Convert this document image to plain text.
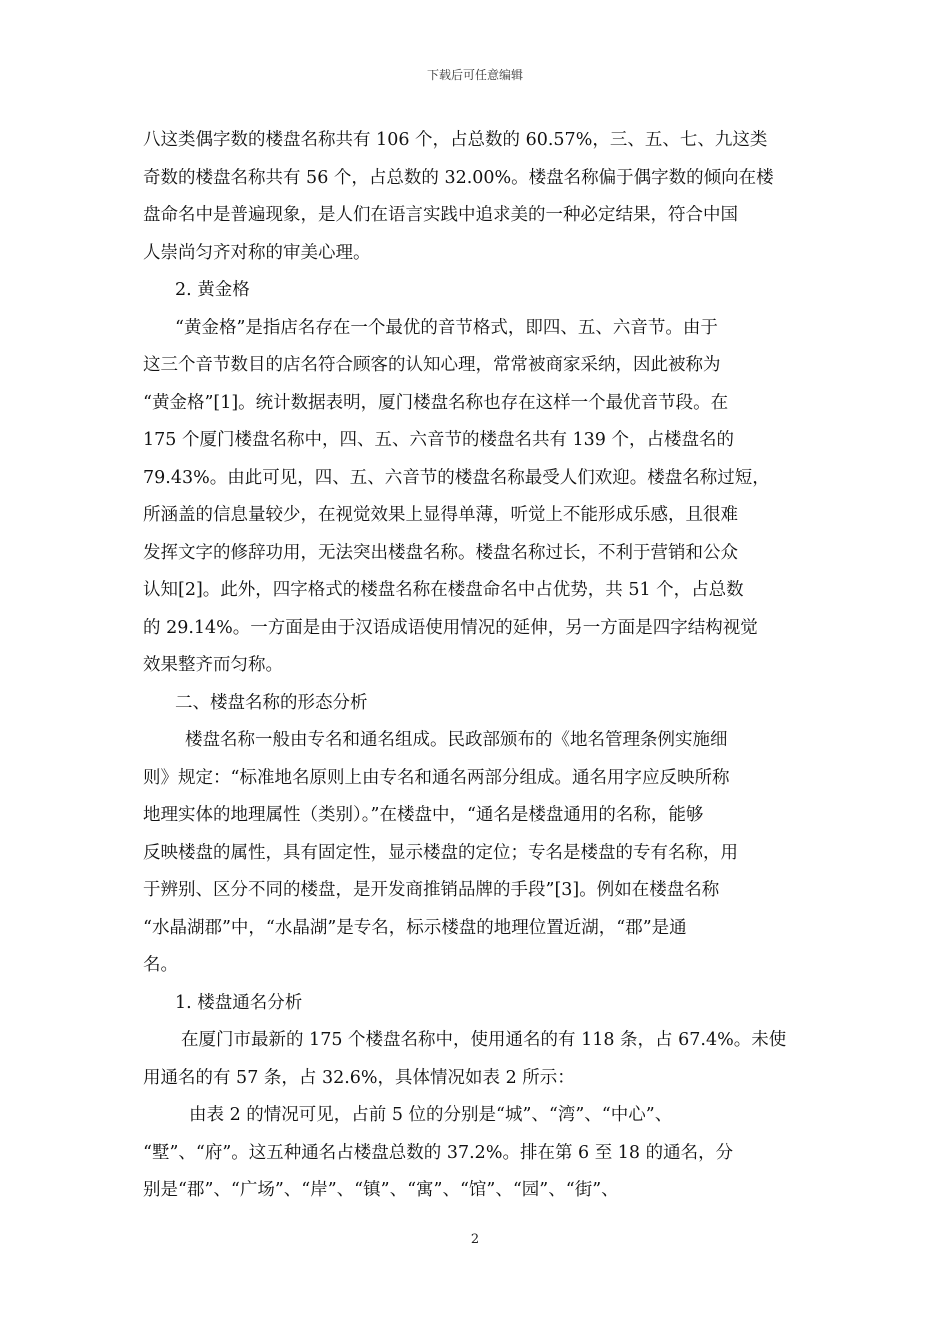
下载后可任意编辑
八这类偶字数的楼盘名称共有 106 个，占总数的 60.57%，三、五、七、九这类
奇数的楼盘名称共有 56 个，占总数的 32.00%。楼盘名称偏于偶字数的倾向在楼
盘命名中是普遍现象，是人们在语言实践中追求美的一种必定结果，符合中国
人崇尚匀齐对称的审美心理。
2. 黄金格
“黄金格”是指店名存在一个最优的音节格式，即四、五、六音节。由于
这三个音节数目的店名符合顾客的认知心理，常常被商家采纳，因此被称为
“黄金格”[1]。统计数据表明，厦门楼盘名称也存在这样一个最优音节段。在
175 个厦门楼盘名称中，四、五、六音节的楼盘名共有 139 个，占楼盘名的
79.43%。由此可见，四、五、六音节的楼盘名称最受人们欢迎。楼盘名称过短，
所涵盖的信息量较少，在视觉效果上显得单薄，听觉上不能形成乐感，且很难
发挥文字的修辞功用，无法突出楼盘名称。楼盘名称过长，不利于营销和公众
认知[2]。此外，四字格式的楼盘名称在楼盘命名中占优势，共 51 个，占总数
的 29.14%。一方面是由于汉语成语使用情况的延伸，另一方面是四字结构视觉
效果整齐而匀称。
二、楼盘名称的形态分析
楼盘名称一般由专名和通名组成。民政部颁布的《地名管理条例实施细
则》规定：“标准地名原则上由专名和通名两部分组成。通名用字应反映所称
地理实体的地理属性（类别）。”在楼盘中，“通名是楼盘通用的名称，能够
反映楼盘的属性，具有固定性，显示楼盘的定位；专名是楼盘的专有名称，用
于辨别、区分不同的楼盘，是开发商推销品牌的手段”[3]。例如在楼盘名称
“水晶湖郡”中，“水晶湖”是专名，标示楼盘的地理位置近湖，“郡”是通
名。
1. 楼盘通名分析
在厦门市最新的 175 个楼盘名称中，使用通名的有 118 条，占 67.4%。未使
用通名的有 57 条，占 32.6%，具体情况如表 2 所示：
由表 2 的情况可见，占前 5 位的分别是“城”、“湾”、“中心”、
“墅”、“府”。这五种通名占楼盘总数的 37.2%。排在第 6 至 18 的通名，分
别是“郡”、“广场”、“岸”、“镇”、“寓”、“馆”、“园”、“街”、
2
